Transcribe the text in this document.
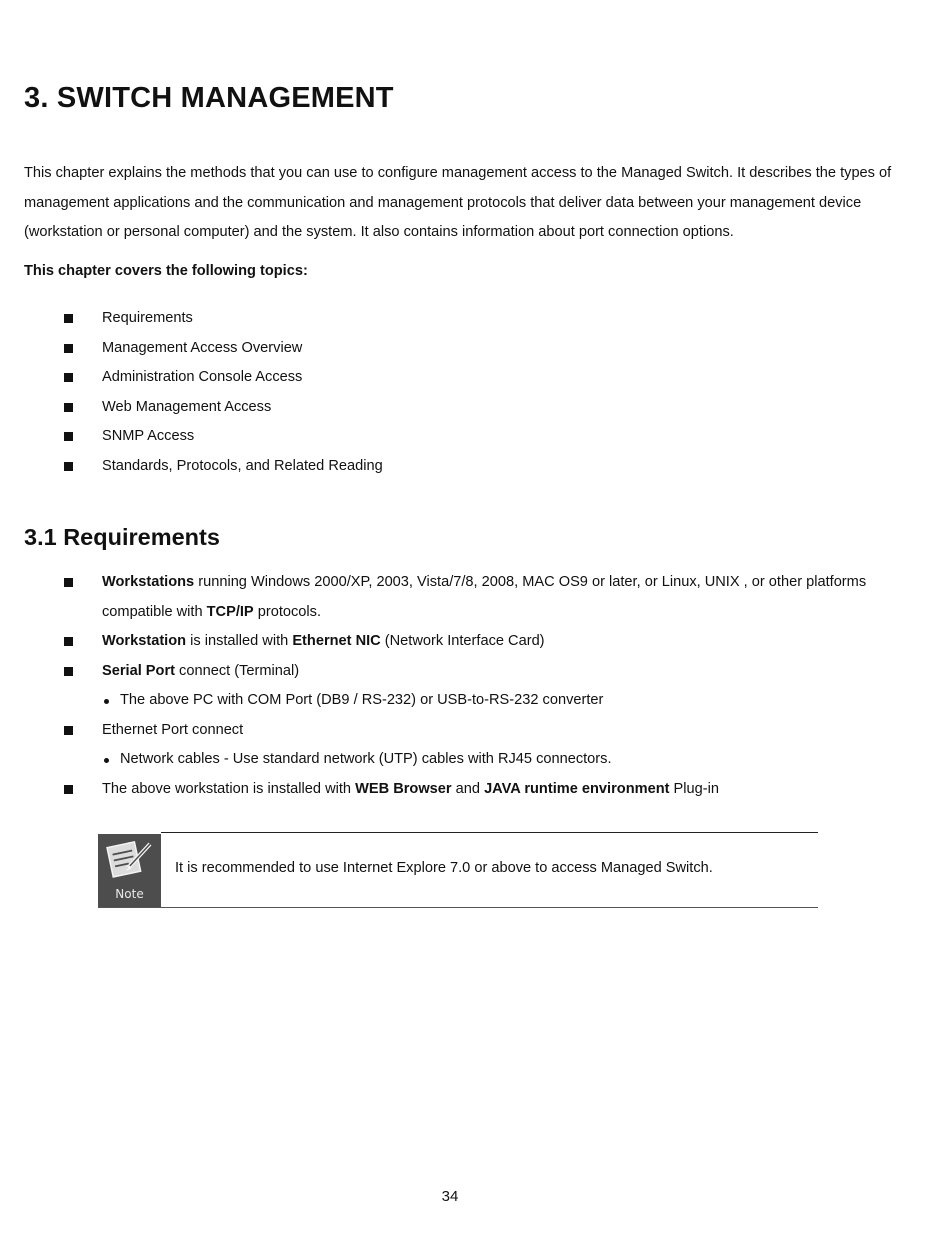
3. SWITCH MANAGEMENT

This chapter explains the methods that you can use to configure management access to the Managed Switch. It describes the types of management applications and the communication and management protocols that deliver data between your management device (workstation or personal computer) and the system. It also contains information about port connection options.

This chapter covers the following topics:
Requirements
Management Access Overview
Administration Console Access
Web Management Access
SNMP Access
Standards, Protocols, and Related Reading
3.1 Requirements
Workstations running Windows 2000/XP, 2003, Vista/7/8, 2008, MAC OS9 or later, or Linux, UNIX , or other platforms
compatible with TCP/IP protocols.
Workstation is installed with Ethernet NIC (Network Interface Card)
Serial Port connect (Terminal)
The above PC with COM Port (DB9 / RS-232) or USB-to-RS-232 converter
Ethernet Port connect
Network cables - Use standard network (UTP) cables with RJ45 connectors.
The above workstation is installed with WEB Browser and JAVA runtime environment Plug-in
Note
It is recommended to use Internet Explore 7.0 or above to access Managed Switch.
34
